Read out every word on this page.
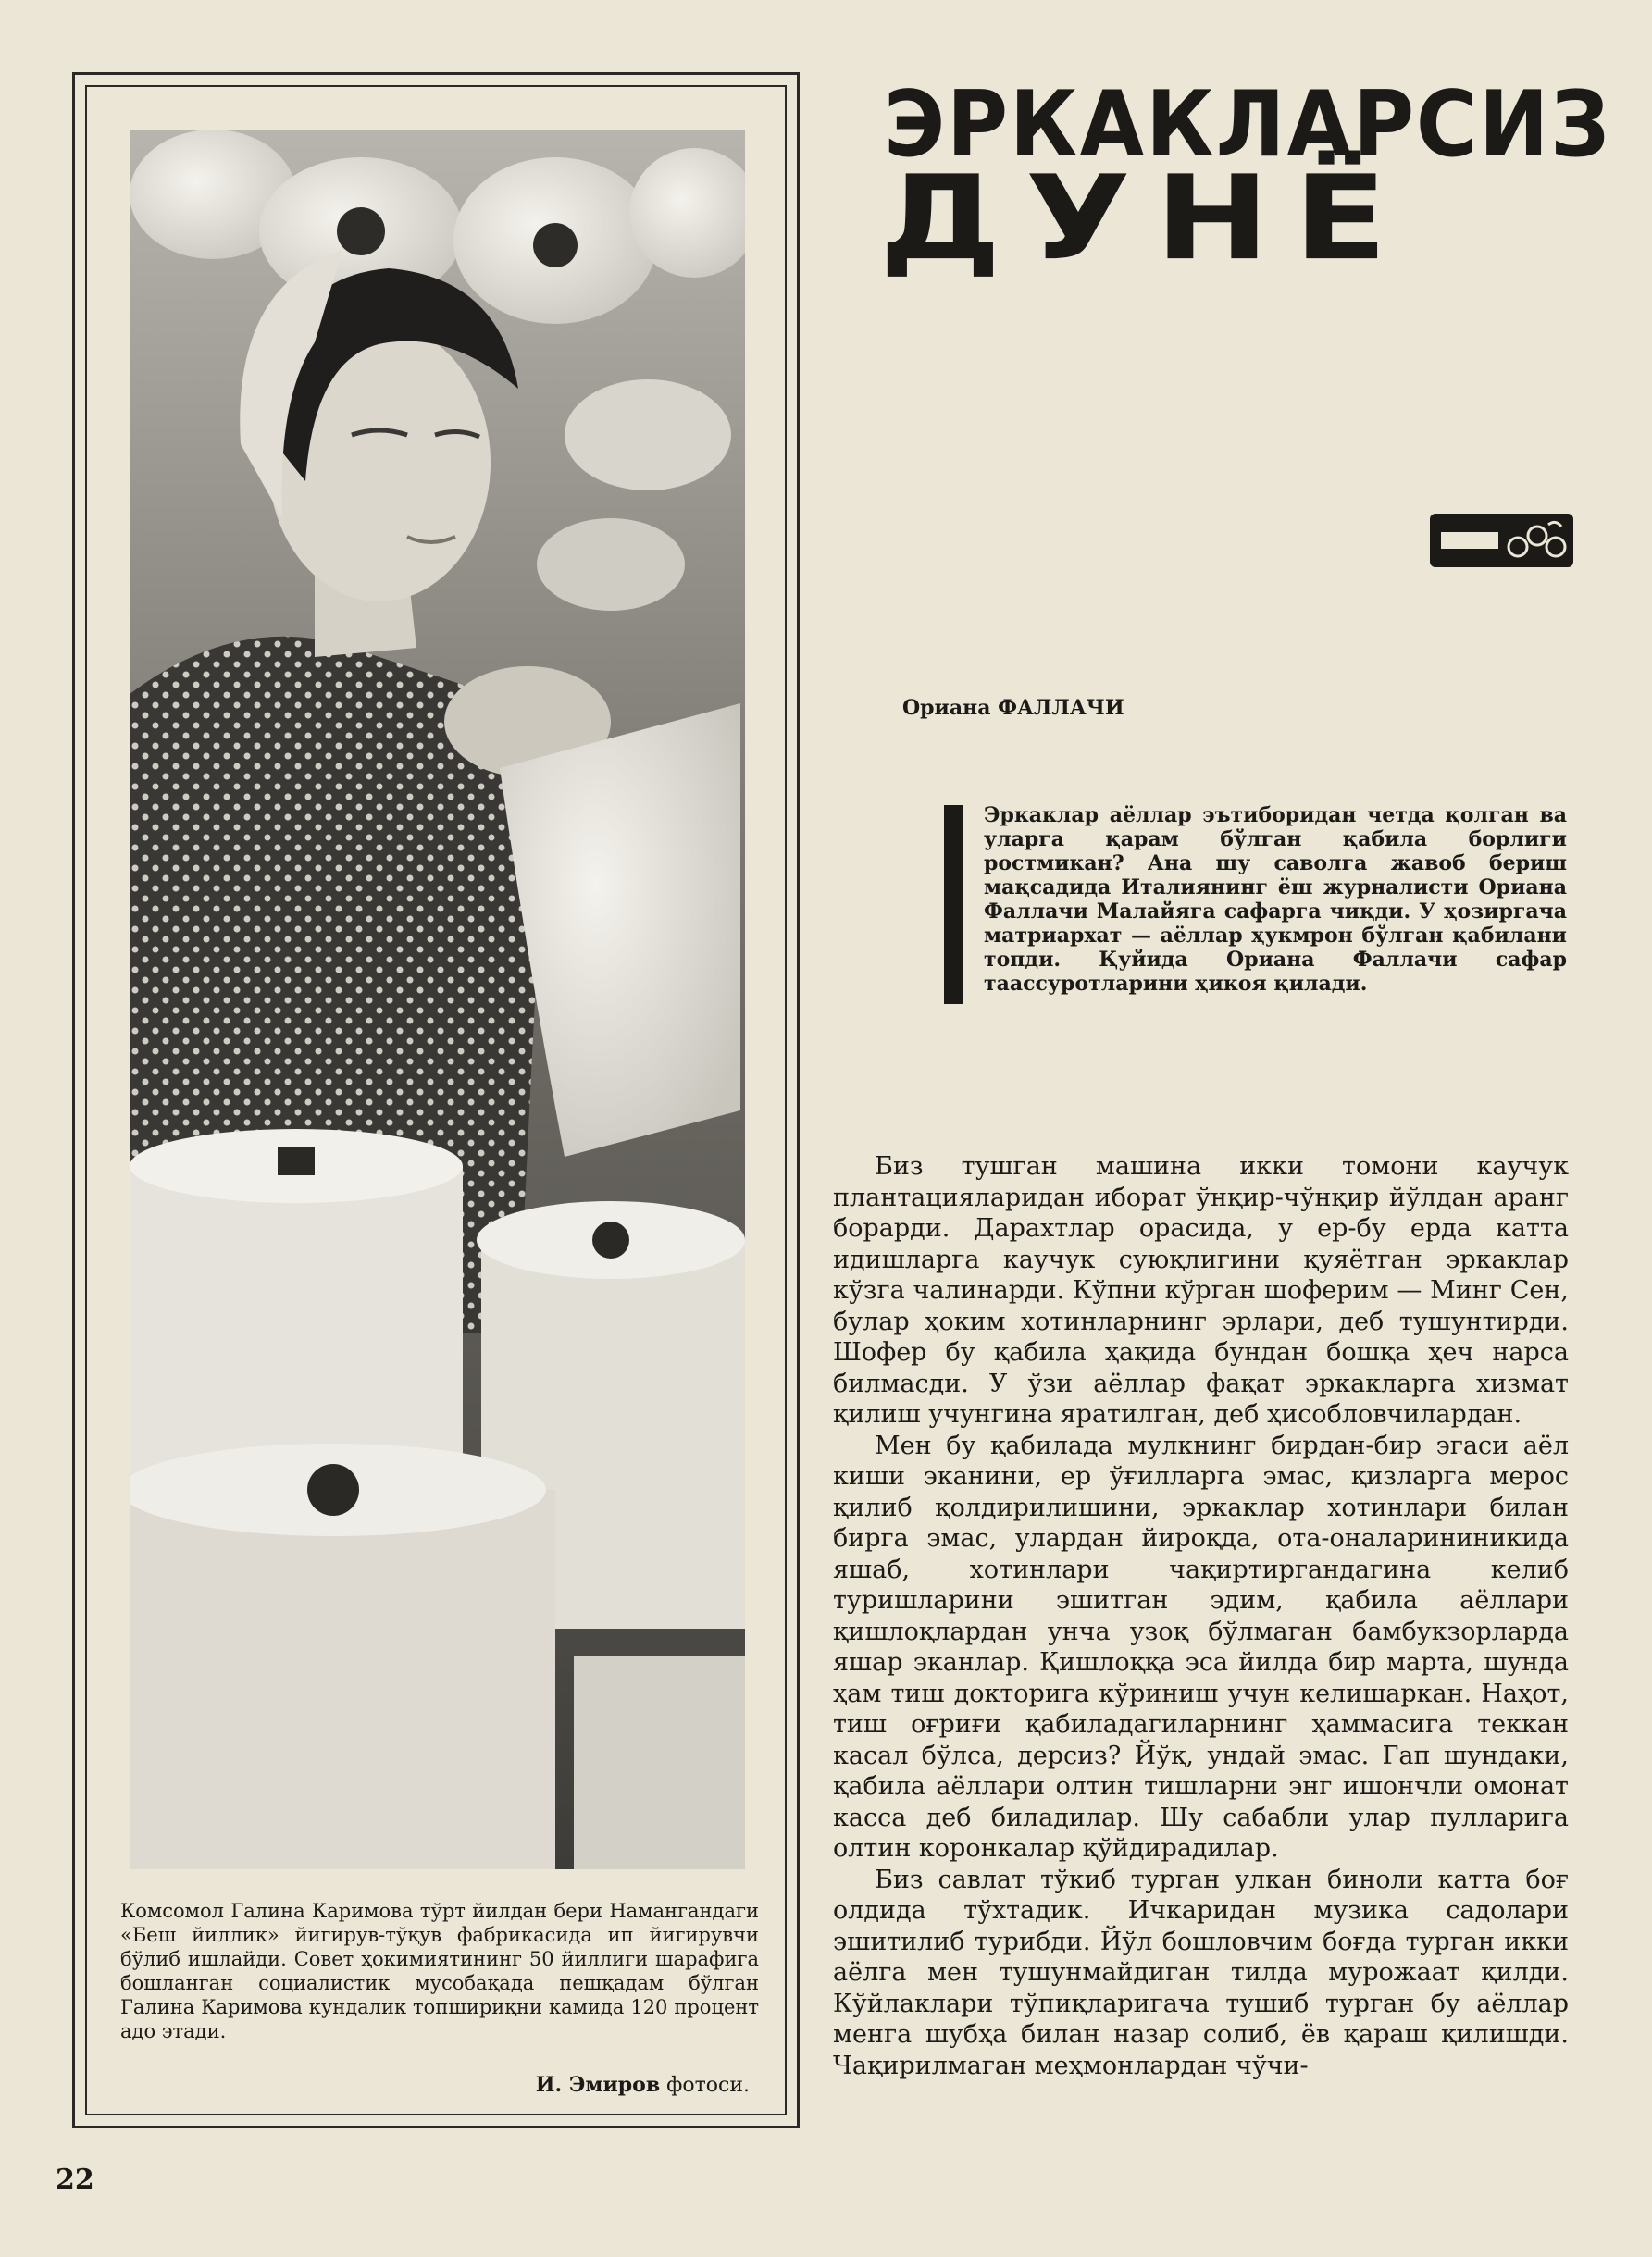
Комсомол Галина Каримова тўрт йилдан бери Намангандаги «Беш йиллик» йигирув-тўқув фабрикасида ип йигирувчи бўлиб ишлайди. Совет ҳокимиятининг 50 йиллиги шарафига бошланган социалистик мусобақада пешқадам бўлган Галина Каримова кундалик топшириқни камида 120 процент адо этади.
И. Эмиров фотоси.
ЭРКАКЛАРСИЗ
ДУНЁ
Ориана ФАЛЛАЧИ
Эркаклар аёллар эътиборидан четда қолган ва уларга қарам бўлган қабила борлиги ростмикан? Ана шу саволга жавоб бериш мақсадида Италиянинг ёш журналисти Ориана Фаллачи Малайяга сафарга чиқди. У ҳозиргача матриархат — аёллар ҳукмрон бўлган қабилани топди. Қуйида Ориана Фаллачи сафар таассуротларини ҳикоя қилади.

Биз тушган машина икки томони каучук плантацияларидан иборат ўнқир-чўнқир йўлдан аранг борарди. Дарахтлар орасида, у ер-бу ерда катта идишларга каучук суюқлигини қуяётган эркаклар кўзга чалинарди. Кўпни кўрган шоферим — Минг Сен, булар ҳоким хотинларнинг эрлари, деб тушунтирди. Шофер бу қабила ҳақида бундан бошқа ҳеч нарса билмасди. У ўзи аёллар фақат эркакларга хизмат қилиш учунгина яратилган, деб ҳисобловчилардан.

Мен бу қабилада мулкнинг бирдан-бир эгаси аёл киши эканини, ер ўғилларга эмас, қизларга мерос қилиб қолдирилишини, эркаклар хотинлари билан бирга эмас, улардан йироқда, ота-оналарининикида яшаб, хотинлари чақиртиргандагина келиб туришларини эшитган эдим, қабила аёллари қишлоқлардан унча узоқ бўлмаган бамбукзорларда яшар эканлар. Қишлоққа эса йилда бир марта, шунда ҳам тиш докторига кўриниш учун келишаркан. Наҳот, тиш оғриғи қабиладагиларнинг ҳаммасига теккан касал бўлса, дерсиз? Йўқ, ундай эмас. Гап шундаки, қабила аёллари олтин тишларни энг ишончли омонат касса деб биладилар. Шу сабабли улар пулларига олтин коронкалар қўйдирадилар.

Биз савлат тўкиб турган улкан биноли катта боғ олдида тўхтадик. Ичкаридан музика садолари эшитилиб турибди. Йўл бошловчим боғда турган икки аёлга мен тушунмайдиган тилда мурожаат қилди. Кўйлаклари тўпиқларигача тушиб турган бу аёллар менга шубҳа билан назар солиб, ёв қараш қилишди. Чақирилмаган меҳмонлардан чўчи-

22
